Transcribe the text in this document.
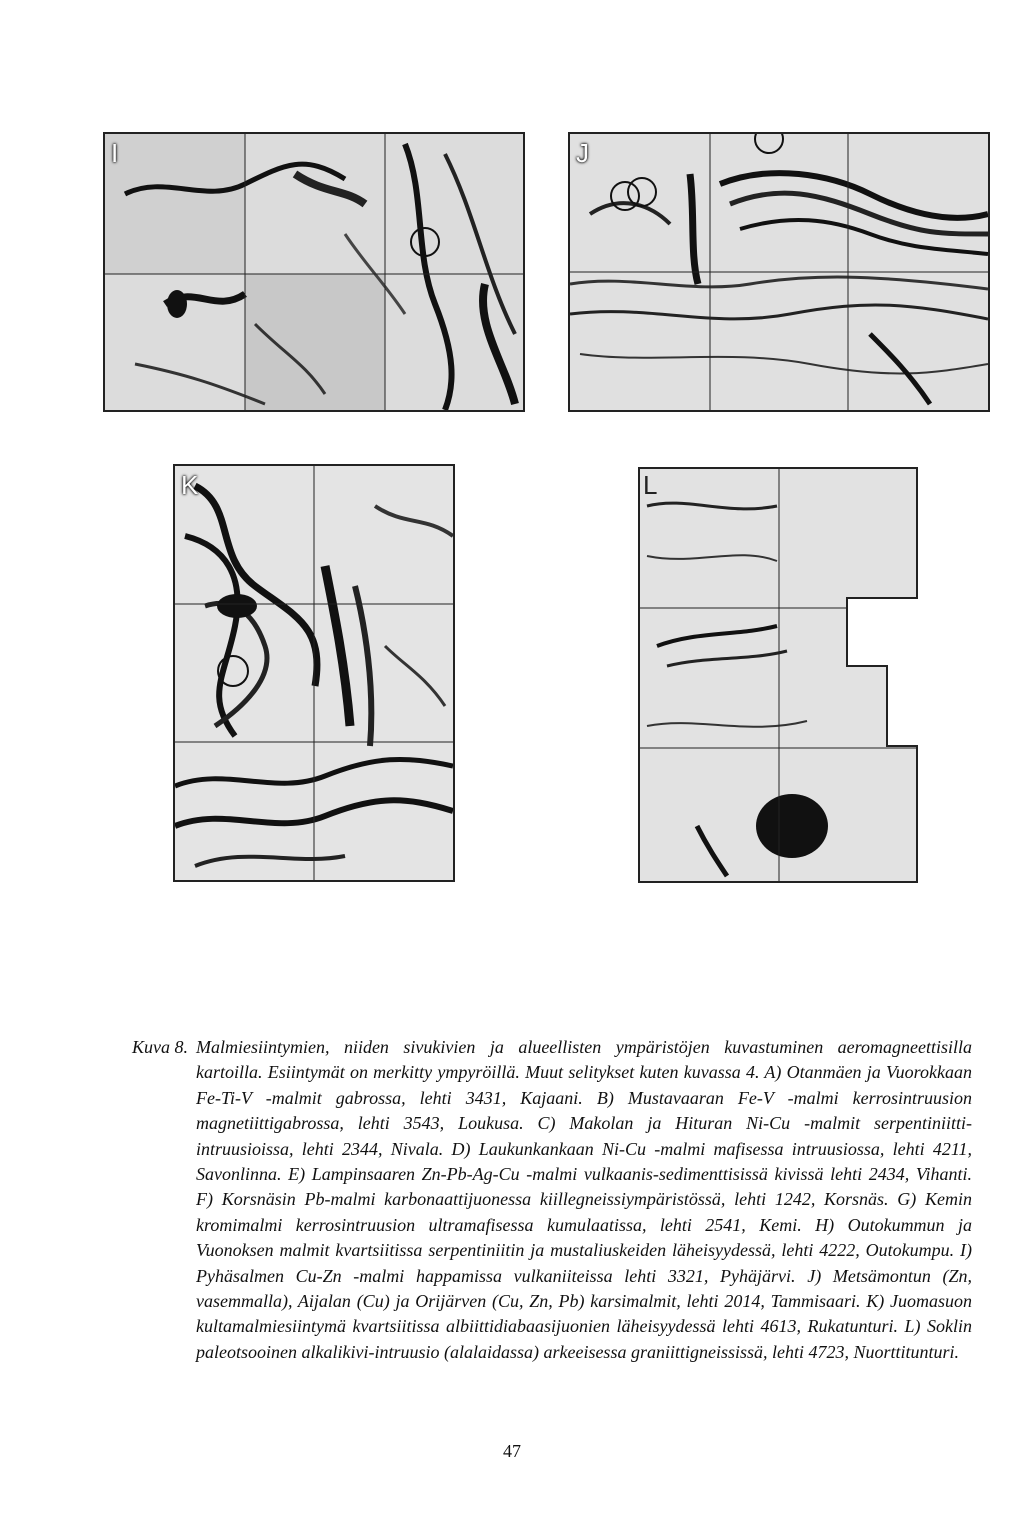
I	J
K	L
Kuva 8. Malmiesiintymien, niiden sivukivien ja alueellisten ympäristöjen kuvastuminen aeromagneettisilla kartoilla. Esiintymät on merkitty ympyröillä. Muut selitykset kuten kuvassa 4. A) Otanmäen ja Vuorokkaan Fe-Ti-V -malmit gabrossa, lehti 3431, Kajaani. B) Mustavaaran Fe-V -malmi kerrosintruusion magnetiittigabrossa, lehti 3543, Loukusa. C) Makolan ja Hituran Ni-Cu -malmit serpentiniitti-intruusioissa, lehti 2344, Nivala. D) Laukunkankaan Ni-Cu -malmi mafisessa intruusiossa, lehti 4211, Savonlinna. E) Lampinsaaren Zn-Pb-Ag-Cu -malmi vulkaanis-sedimenttisissä kivissä lehti 2434, Vihanti. F) Korsnäsin Pb-malmi karbonaattijuonessa kiillegneissiympäristössä, lehti 1242, Korsnäs. G) Kemin kromimalmi kerrosintruusion ultramafisessa kumulaatissa, lehti 2541, Kemi. H) Outokummun ja Vuonoksen malmit kvartsiitissa serpentiniitin ja mustaliuskeiden läheisyydessä, lehti 4222, Outokumpu. I) Pyhäsalmen Cu-Zn -malmi happamissa vulkaniiteissa lehti 3321, Pyhäjärvi. J) Metsämontun (Zn, vasemmalla), Aijalan (Cu) ja Orijärven (Cu, Zn, Pb) karsimalmit, lehti 2014, Tammisaari. K) Juomasuon kultamalmiesiintymä kvartsiitissa albiittidiabaasijuonien läheisyydessä lehti 4613, Rukatunturi. L) Soklin paleotsooinen alkalikivi-intruusio (alalaidassa) arkeeisessa graniittigneississä, lehti 4723, Nuorttitunturi.
47
